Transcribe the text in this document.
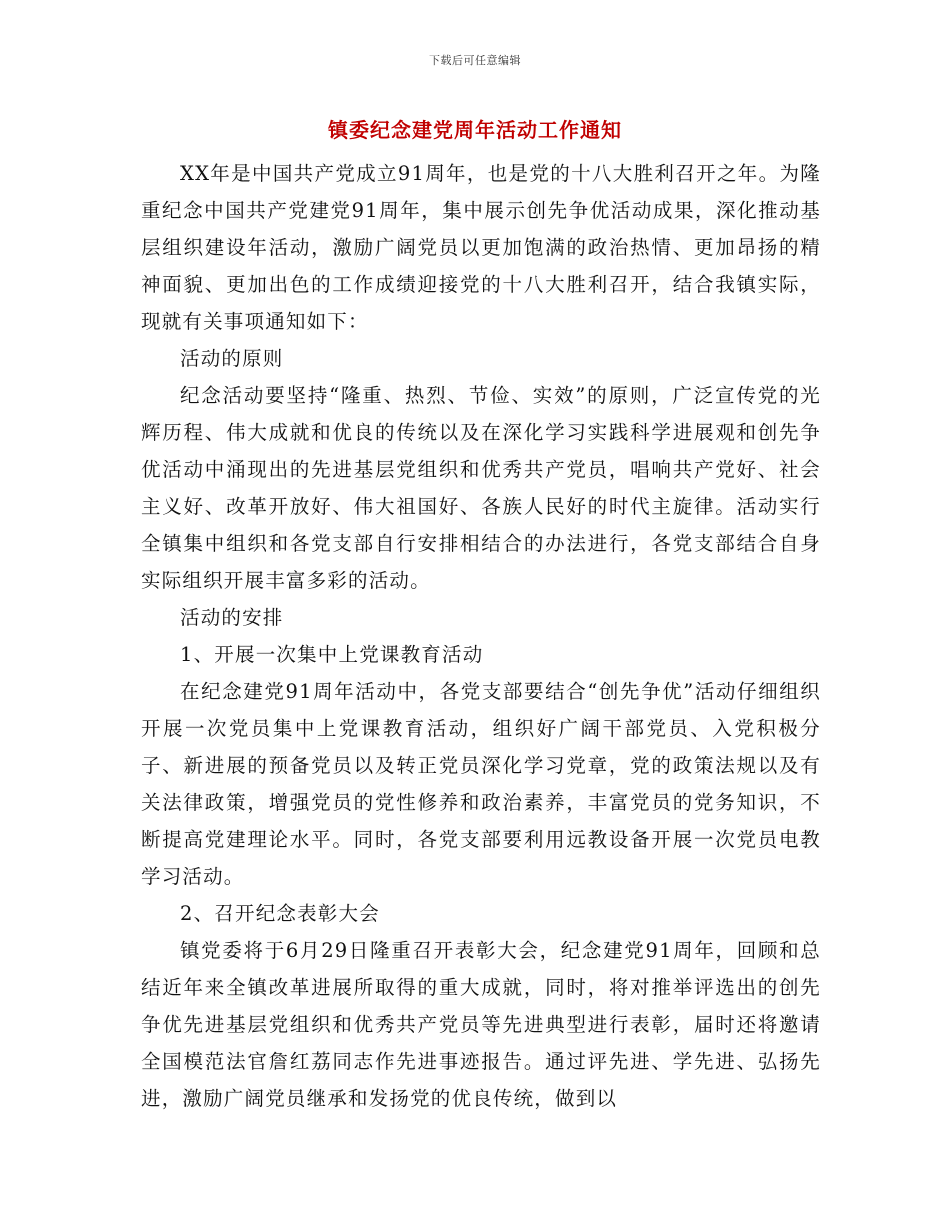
下载后可任意编辑
镇委纪念建党周年活动工作通知

XX年是中国共产党成立91周年，也是党的十八大胜利召开之年。为隆重纪念中国共产党建党91周年，集中展示创先争优活动成果，深化推动基层组织建设年活动，激励广阔党员以更加饱满的政治热情、更加昂扬的精神面貌、更加出色的工作成绩迎接党的十八大胜利召开，结合我镇实际，现就有关事项通知如下：

活动的原则

纪念活动要坚持“隆重、热烈、节俭、实效”的原则，广泛宣传党的光辉历程、伟大成就和优良的传统以及在深化学习实践科学进展观和创先争优活动中涌现出的先进基层党组织和优秀共产党员，唱响共产党好、社会主义好、改革开放好、伟大祖国好、各族人民好的时代主旋律。活动实行全镇集中组织和各党支部自行安排相结合的办法进行，各党支部结合自身实际组织开展丰富多彩的活动。

活动的安排

1、开展一次集中上党课教育活动

在纪念建党91周年活动中，各党支部要结合“创先争优”活动仔细组织开展一次党员集中上党课教育活动，组织好广阔干部党员、入党积极分子、新进展的预备党员以及转正党员深化学习党章，党的政策法规以及有关法律政策，增强党员的党性修养和政治素养，丰富党员的党务知识，不断提高党建理论水平。同时，各党支部要利用远教设备开展一次党员电教学习活动。

2、召开纪念表彰大会

镇党委将于6月29日隆重召开表彰大会，纪念建党91周年，回顾和总结近年来全镇改革进展所取得的重大成就，同时，将对推举评选出的创先争优先进基层党组织和优秀共产党员等先进典型进行表彰，届时还将邀请全国模范法官詹红荔同志作先进事迹报告。通过评先进、学先进、弘扬先进，激励广阔党员继承和发扬党的优良传统，做到以
